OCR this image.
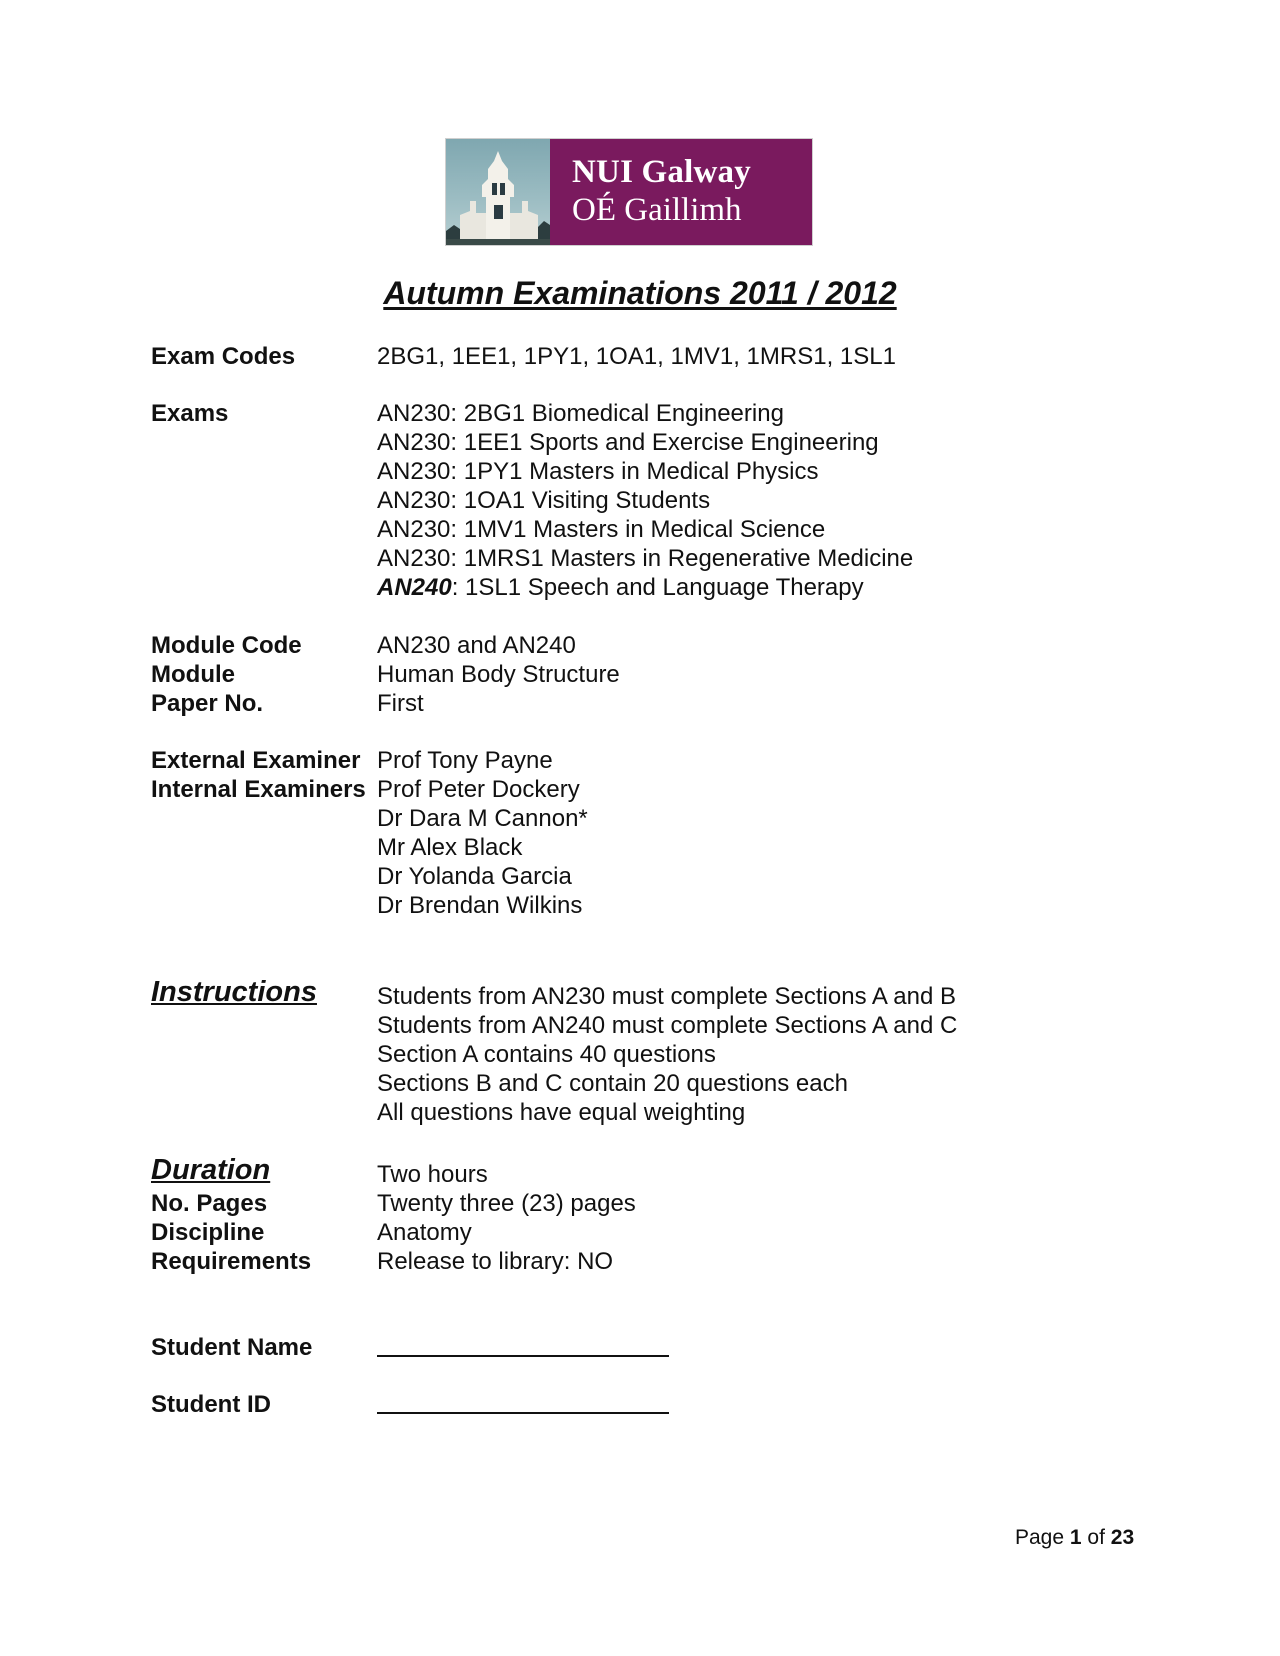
NUI Galway
OÉ Gaillimh
Autumn Examinations 2011 / 2012
Exam Codes	2BG1, 1EE1, 1PY1, 1OA1, 1MV1, 1MRS1, 1SL1
Exams	AN230: 2BG1 Biomedical Engineering
AN230: 1EE1 Sports and Exercise Engineering
AN230: 1PY1 Masters in Medical Physics
AN230: 1OA1 Visiting Students
AN230: 1MV1 Masters in Medical Science
AN230: 1MRS1 Masters in Regenerative Medicine
AN240: 1SL1 Speech and Language Therapy
Module Code	AN230 and AN240
Module	Human Body Structure
Paper No.	First
External Examiner Prof Tony Payne
Internal Examiners Prof Peter Dockery
Dr Dara M Cannon*
Mr Alex Black
Dr Yolanda Garcia
Dr Brendan Wilkins
Instructions	Students from AN230 must complete Sections A and B
Students from AN240 must complete Sections A and C
Section A contains 40 questions
Sections B and C contain 20 questions each
All questions have equal weighting
Duration	Two hours
No. Pages	Twenty three (23) pages
Discipline	Anatomy
Requirements	Release to library: NO
Student Name
Student ID
Page 1 of 23
